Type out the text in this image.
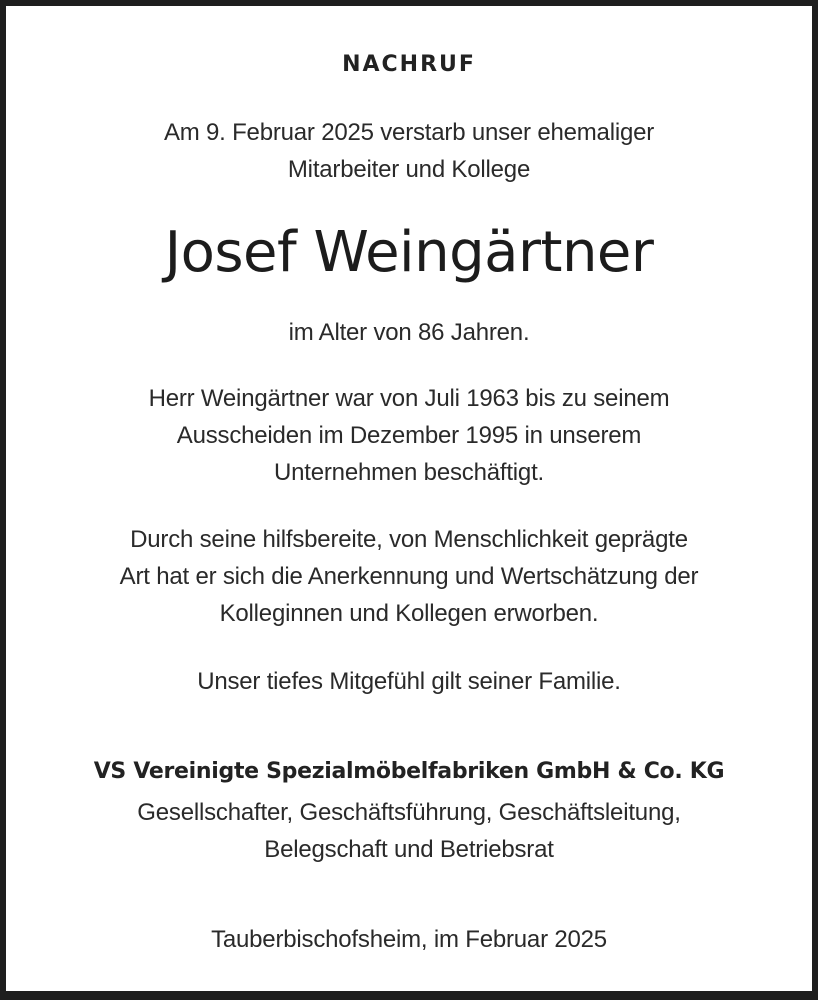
NACHRUF
Am 9. Februar 2025 verstarb unser ehemaliger
Mitarbeiter und Kollege
Josef Weingärtner
im Alter von 86 Jahren.
Herr Weingärtner war von Juli 1963 bis zu seinem
Ausscheiden im Dezember 1995 in unserem
Unternehmen beschäftigt.
Durch seine hilfsbereite, von Menschlichkeit geprägte
Art hat er sich die Anerkennung und Wertschätzung der
Kolleginnen und Kollegen erworben.
Unser tiefes Mitgefühl gilt seiner Familie.
VS Vereinigte Spezialmöbelfabriken GmbH & Co. KG
Gesellschafter, Geschäftsführung, Geschäftsleitung,
Belegschaft und Betriebsrat
Tauberbischofsheim, im Februar 2025
